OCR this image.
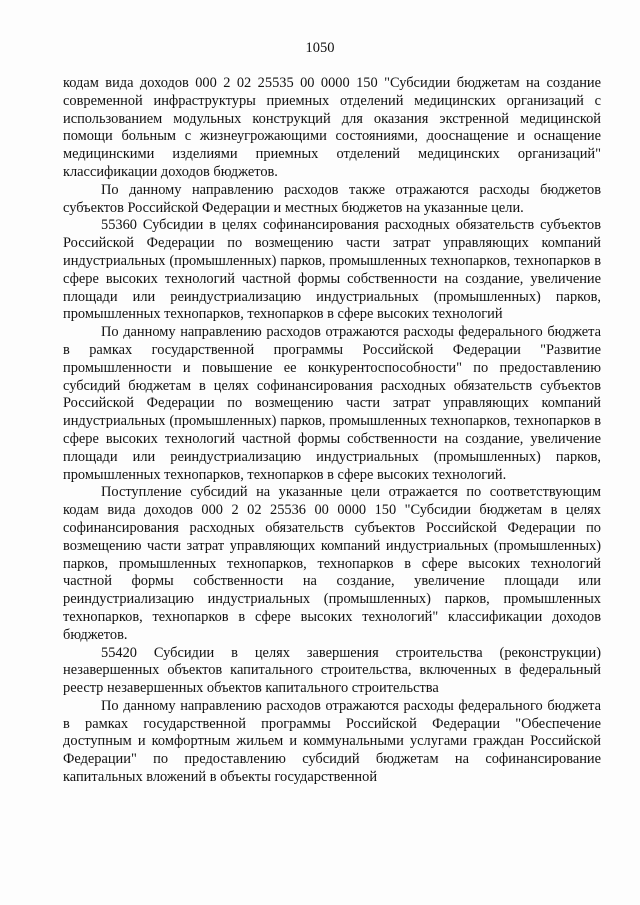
1050

кодам вида доходов 000 2 02 25535 00 0000 150 "Субсидии бюджетам на создание современной инфраструктуры приемных отделений медицинских организаций с использованием модульных конструкций для оказания экстренной медицинской помощи больным с жизнеугрожающими состояниями, дооснащение и оснащение медицинскими изделиями приемных отделений медицинских организаций" классификации доходов бюджетов.

По данному направлению расходов также отражаются расходы бюджетов субъектов Российской Федерации и местных бюджетов на указанные цели.

55360 Субсидии в целях софинансирования расходных обязательств субъектов Российской Федерации по возмещению части затрат управляющих компаний индустриальных (промышленных) парков, промышленных технопарков, технопарков в сфере высоких технологий частной формы собственности на создание, увеличение площади или реиндустриализацию индустриальных (промышленных) парков, промышленных технопарков, технопарков в сфере высоких технологий

По данному направлению расходов отражаются расходы федерального бюджета в рамках государственной программы Российской Федерации "Развитие промышленности и повышение ее конкурентоспособности" по предоставлению субсидий бюджетам в целях софинансирования расходных обязательств субъектов Российской Федерации по возмещению части затрат управляющих компаний индустриальных (промышленных) парков, промышленных технопарков, технопарков в сфере высоких технологий частной формы собственности на создание, увеличение площади или реиндустриализацию индустриальных (промышленных) парков, промышленных технопарков, технопарков в сфере высоких технологий.

Поступление субсидий на указанные цели отражается по соответствующим кодам вида доходов 000 2 02 25536 00 0000 150 "Субсидии бюджетам в целях софинансирования расходных обязательств субъектов Российской Федерации по возмещению части затрат управляющих компаний индустриальных (промышленных) парков, промышленных технопарков, технопарков в сфере высоких технологий частной формы собственности на создание, увеличение площади или реиндустриализацию индустриальных (промышленных) парков, промышленных технопарков, технопарков в сфере высоких технологий" классификации доходов бюджетов.

55420 Субсидии в целях завершения строительства (реконструкции) незавершенных объектов капитального строительства, включенных в федеральный реестр незавершенных объектов капитального строительства

По данному направлению расходов отражаются расходы федерального бюджета в рамках государственной программы Российской Федерации "Обеспечение доступным и комфортным жильем и коммунальными услугами граждан Российской Федерации" по предоставлению субсидий бюджетам на софинансирование капитальных вложений в объекты государственной
